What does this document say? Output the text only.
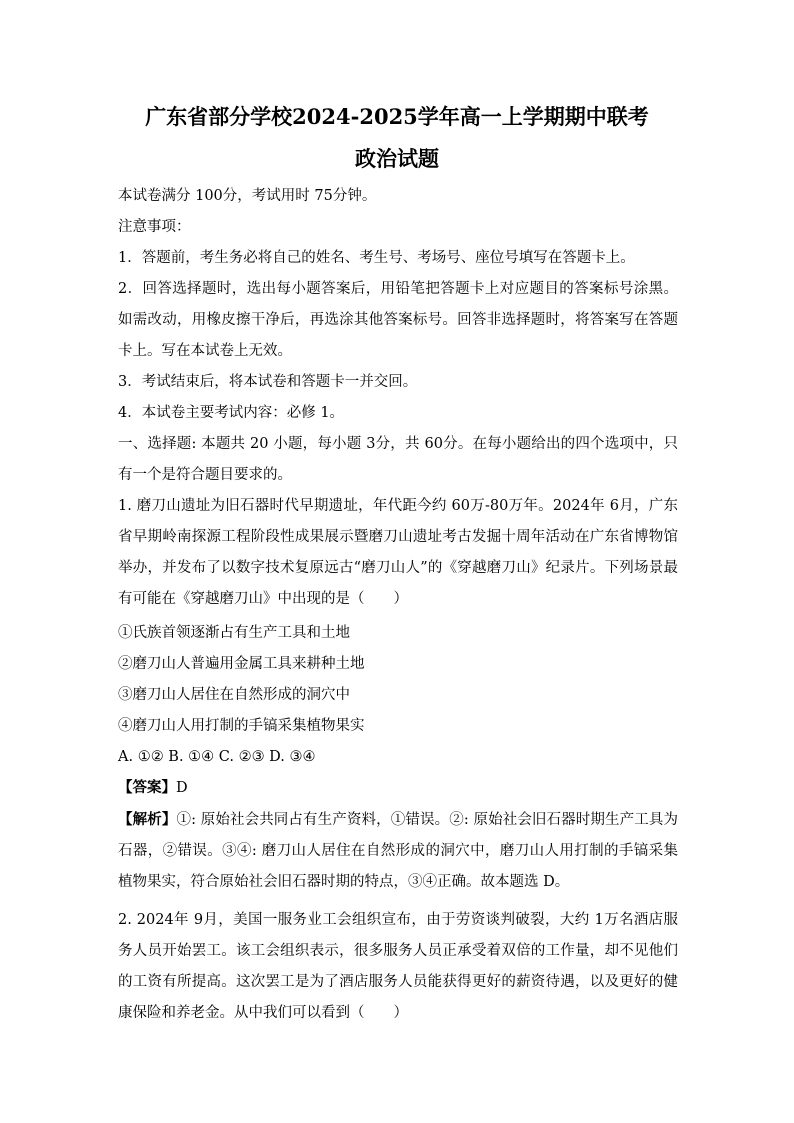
广东省部分学校2024-2025学年高一上学期期中联考
政治试题
本试卷满分 100分，考试用时 75分钟。
注意事项：
1．答题前，考生务必将自己的姓名、考生号、考场号、座位号填写在答题卡上。
2．回答选择题时，选出每小题答案后，用铅笔把答题卡上对应题目的答案标号涂黑。如需改动，用橡皮擦干净后，再选涂其他答案标号。回答非选择题时，将答案写在答题卡上。写在本试卷上无效。
3．考试结束后，将本试卷和答题卡一并交回。
4．本试卷主要考试内容：必修 1。
一、选择题: 本题共 20 小题，每小题 3分，共 60分。在每小题给出的四个选项中，只有一个是符合题目要求的。
1. 磨刀山遗址为旧石器时代早期遗址，年代距今约 60万-80万年。2024年 6月，广东省早期岭南探源工程阶段性成果展示暨磨刀山遗址考古发掘十周年活动在广东省博物馆举办，并发布了以数字技术复原远古“磨刀山人”的《穿越磨刀山》纪录片。下列场景最有可能在《穿越磨刀山》中出现的是（　　）
①氏族首领逐渐占有生产工具和土地
②磨刀山人普遍用金属工具来耕种土地
③磨刀山人居住在自然形成的洞穴中
④磨刀山人用打制的手镐采集植物果实
A. ①② B. ①④ C. ②③ D. ③④
【答案】D
【解析】①: 原始社会共同占有生产资料，①错误。②: 原始社会旧石器时期生产工具为石器，②错误。③④: 磨刀山人居住在自然形成的洞穴中，磨刀山人用打制的手镐采集植物果实，符合原始社会旧石器时期的特点，③④正确。故本题选 D。
2. 2024年 9月，美国一服务业工会组织宣布，由于劳资谈判破裂，大约 1万名酒店服务人员开始罢工。该工会组织表示，很多服务人员正承受着双倍的工作量，却不见他们的工资有所提高。这次罢工是为了酒店服务人员能获得更好的薪资待遇，以及更好的健康保险和养老金。从中我们可以看到（　　）
